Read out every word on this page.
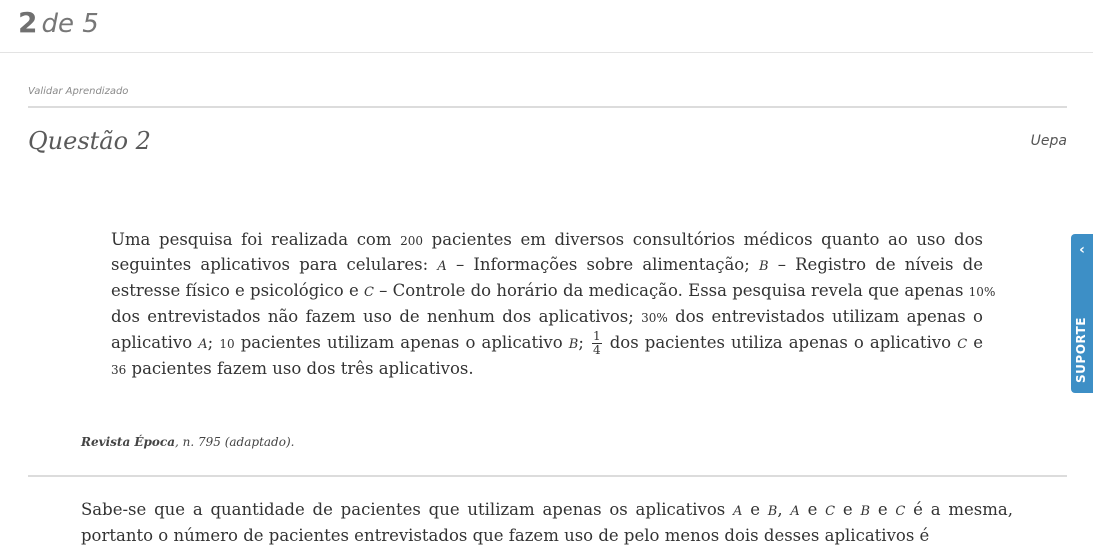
2 de 5
Validar Aprendizado
Questão 2	Uepa
Uma pesquisa foi realizada com 200 pacientes em diversos consultórios médicos quanto ao uso dos
seguintes aplicativos para celulares: A – Informações sobre alimentação; B – Registro de níveis de
estresse físico e psicológico e C – Controle do horário da medicação. Essa pesquisa revela que apenas 10%
dos entrevistados não fazem uso de nenhum dos aplicativos; 30% dos entrevistados utilizam apenas o
aplicativo A; 10 pacientes utilizam apenas o aplicativo B; $\frac{1}{4}$ dos pacientes utiliza apenas o aplicativo C e
36 pacientes fazem uso dos três aplicativos.
Revista Época, n. 795 (adaptado).
Sabe-se que a quantidade de pacientes que utilizam apenas os aplicativos A e B, A e C e B e C é a mesma,
portanto o número de pacientes entrevistados que fazem uso de pelo menos dois desses aplicativos é
‹
SUPORTE
